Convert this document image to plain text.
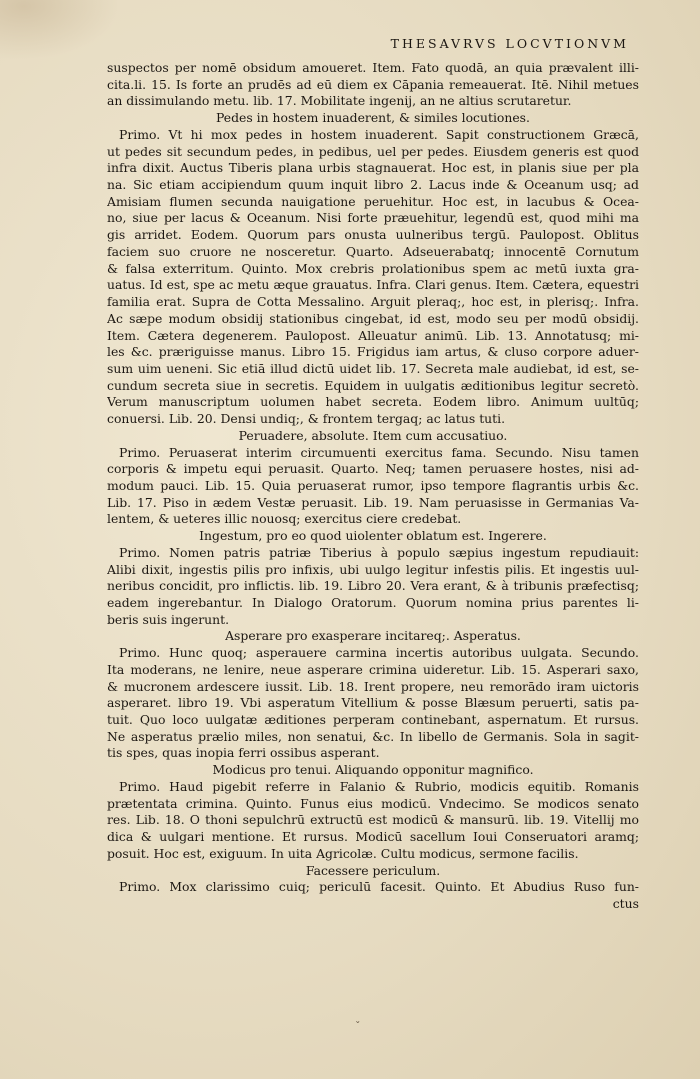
THESAVRVS LOCVTIONVM
suspectos per nomē obsidum amoueret. Item. Fato quodā, an quia prævalent illi-
cita.li. 15. Is forte an prudēs ad eū diem ex Cāpania remeauerat. Itē. Nihil metues
an dissimulando metu. lib. 17. Mobilitate ingenij, an ne altius scrutaretur.
Pedes in hostem inuaderent, & similes locutiones.
Primo. Vt hi mox pedes in hostem inuaderent. Sapit constructionem Græcā,
ut pedes sit secundum pedes, in pedibus, uel per pedes. Eiusdem generis est quod
infra dixit. Auctus Tiberis plana urbis stagnauerat. Hoc est, in planis siue per pla
na. Sic etiam accipiendum quum inquit libro 2. Lacus inde & Oceanum usq; ad
Amisiam flumen secunda nauigatione peruehitur. Hoc est, in lacubus & Ocea-
no, siue per lacus & Oceanum. Nisi forte præuehitur, legendū est, quod mihi ma
gis arridet. Eodem. Quorum pars onusta uulneribus tergū. Paulopost. Oblitus
faciem suo cruore ne nosceretur. Quarto. Adseuerabatq; innocentē Cornutum
& falsa exterritum. Quinto. Mox crebris prolationibus spem ac metū iuxta gra-
uatus. Id est, spe ac metu æque grauatus. Infra. Clari genus. Item. Cætera, equestri
familia erat. Supra de Cotta Messalino. Arguit pleraq;, hoc est, in plerisq;. Infra.
Ac sæpe modum obsidij stationibus cingebat, id est, modo seu per modū obsidij.
Item. Cætera degenerem. Paulopost. Alleuatur animū. Lib. 13. Annotatusq; mi-
les &c. præriguisse manus. Libro 15. Frigidus iam artus, & cluso corpore aduer-
sum uim ueneni. Sic etiā illud dictū uidet lib. 17. Secreta male audiebat, id est, se-
cundum secreta siue in secretis. Equidem in uulgatis æditionibus legitur secretò.
Verum manuscriptum uolumen habet secreta. Eodem libro. Animum uultūq;
conuersi. Lib. 20. Densi undiq;, & frontem tergaq; ac latus tuti.
Peruadere, absolute. Item cum accusatiuo.
Primo. Peruaserat interim circumuenti exercitus fama. Secundo. Nisu tamen
corporis & impetu equi peruasit. Quarto. Neq; tamen peruasere hostes, nisi ad-
modum pauci. Lib. 15. Quia peruaserat rumor, ipso tempore flagrantis urbis &c.
Lib. 17. Piso in ædem Vestæ peruasit. Lib. 19. Nam peruasisse in Germanias Va-
lentem, & ueteres illic nouosq; exercitus ciere credebat.
Ingestum, pro eo quod uiolenter oblatum est. Ingerere.
Primo. Nomen patris patriæ Tiberius à populo sæpius ingestum repudiauit:
Alibi dixit, ingestis pilis pro infixis, ubi uulgo legitur infestis pilis. Et ingestis uul-
neribus concidit, pro inflictis. lib. 19. Libro 20. Vera erant, & à tribunis præfectisq;
eadem ingerebantur. In Dialogo Oratorum. Quorum nomina prius parentes li-
beris suis ingerunt.
Asperare pro exasperare incitareq;. Asperatus.
Primo. Hunc quoq; asperauere carmina incertis autoribus uulgata. Secundo.
Ita moderans, ne lenire, neue asperare crimina uideretur. Lib. 15. Asperari saxo,
& mucronem ardescere iussit. Lib. 18. Irent propere, neu remorādo iram uictoris
asperaret. libro 19. Vbi asperatum Vitellium & posse Blæsum peruerti, satis pa-
tuit. Quo loco uulgatæ æditiones perperam continebant, aspernatum. Et rursus.
Ne asperatus prælio miles, non senatui, &c. In libello de Germanis. Sola in sagit-
tis spes, quas inopia ferri ossibus asperant.
Modicus pro tenui. Aliquando opponitur magnifico.
Primo. Haud pigebit referre in Falanio & Rubrio, modicis equitib. Romanis
prætentata crimina. Quinto. Funus eius modicū. Vndecimo. Se modicos senato
res. Lib. 18. O thoni sepulchrū extructū est modicū & mansurū. lib. 19. Vitellij mo
dica & uulgari mentione. Et rursus. Modicū sacellum Ioui Conseruatori aramq;
posuit. Hoc est, exiguum. In uita Agricolæ. Cultu modicus, sermone facilis.
Facessere periculum.
Primo. Mox clarissimo cuiq; periculū facesit. Quinto. Et Abudius Ruso fun-
ctus
ˇ
